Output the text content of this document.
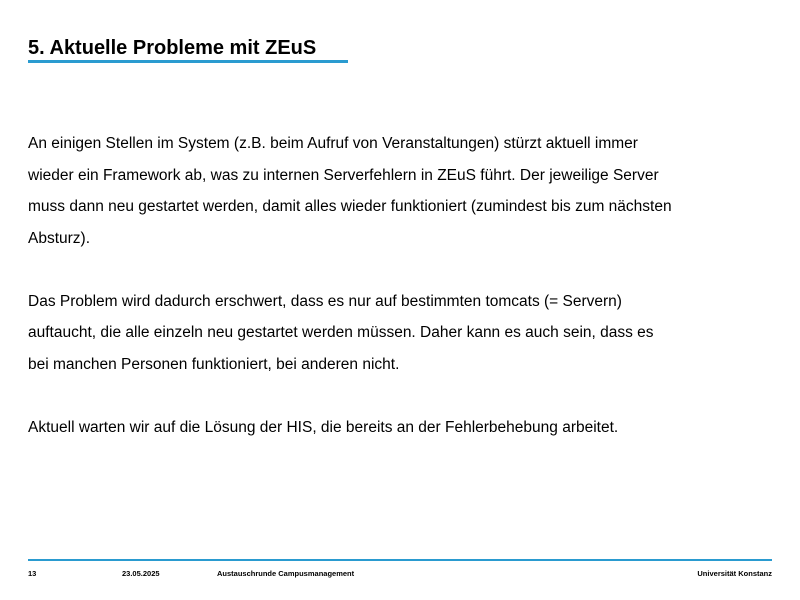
5. Aktuelle Probleme mit ZEuS

An einigen Stellen im System (z.B. beim Aufruf von Veranstaltungen) stürzt aktuell immer
wieder ein Framework ab, was zu internen Serverfehlern in ZEuS führt. Der jeweilige Server
muss dann neu gestartet werden, damit alles wieder funktioniert (zumindest bis zum nächsten
Absturz).

Das Problem wird dadurch erschwert, dass es nur auf bestimmten tomcats (= Servern)
auftaucht, die alle einzeln neu gestartet werden müssen. Daher kann es auch sein, dass es
bei manchen Personen funktioniert, bei anderen nicht.

Aktuell warten wir auf die Lösung der HIS, die bereits an der Fehlerbehebung arbeitet.

13	23.05.2025	Austauschrunde Campusmanagement	Universität Konstanz
